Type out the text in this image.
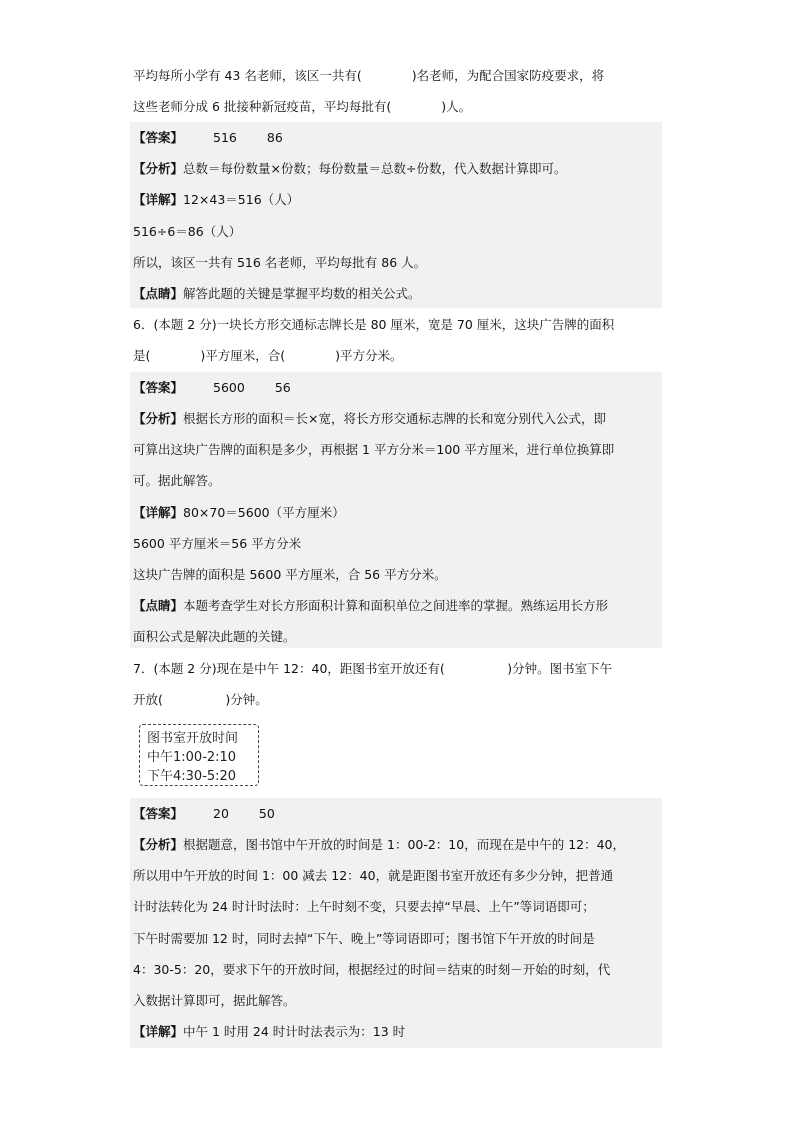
平均每所小学有 43 名老师，该区一共有(　　　　)名老师，为配合国家防疫要求，将
这些老师分成 6 批接种新冠疫苗，平均每批有(　　　　)人。
【答案】 516 86
【分析】总数＝每份数量×份数；每份数量＝总数÷份数，代入数据计算即可。
【详解】12×43＝516（人）
516÷6＝86（人）
所以，该区一共有 516 名老师，平均每批有 86 人。
【点睛】解答此题的关键是掌握平均数的相关公式。
6．(本题 2 分)一块长方形交通标志牌长是 80 厘米，宽是 70 厘米，这块广告牌的面积
是(　　　　)平方厘米，合(　　　　)平方分米。
【答案】 5600 56
【分析】根据长方形的面积＝长×宽，将长方形交通标志牌的长和宽分别代入公式，即
可算出这块广告牌的面积是多少，再根据 1 平方分米＝100 平方厘米，进行单位换算即
可。据此解答。
【详解】80×70＝5600（平方厘米）
5600 平方厘米＝56 平方分米
这块广告牌的面积是 5600 平方厘米，合 56 平方分米。
【点睛】本题考查学生对长方形面积计算和面积单位之间进率的掌握。熟练运用长方形
面积公式是解决此题的关键。
7．(本题 2 分)现在是中午 12：40，距图书室开放还有(　　　　　)分钟。图书室下午
开放(　　　　　)分钟。
图书室开放时间
中午1:00-2:10
下午4:30-5:20
【答案】 20 50
【分析】根据题意，图书馆中午开放的时间是 1：00-2：10，而现在是中午的 12：40，
所以用中午开放的时间 1：00 减去 12：40，就是距图书室开放还有多少分钟，把普通
计时法转化为 24 时计时法时：上午时刻不变，只要去掉“早晨、上午”等词语即可；
下午时需要加 12 时，同时去掉“下午、晚上”等词语即可；图书馆下午开放的时间是
4：30-5：20，要求下午的开放时间，根据经过的时间＝结束的时刻－开始的时刻，代
入数据计算即可，据此解答。
【详解】中午 1 时用 24 时计时法表示为：13 时
